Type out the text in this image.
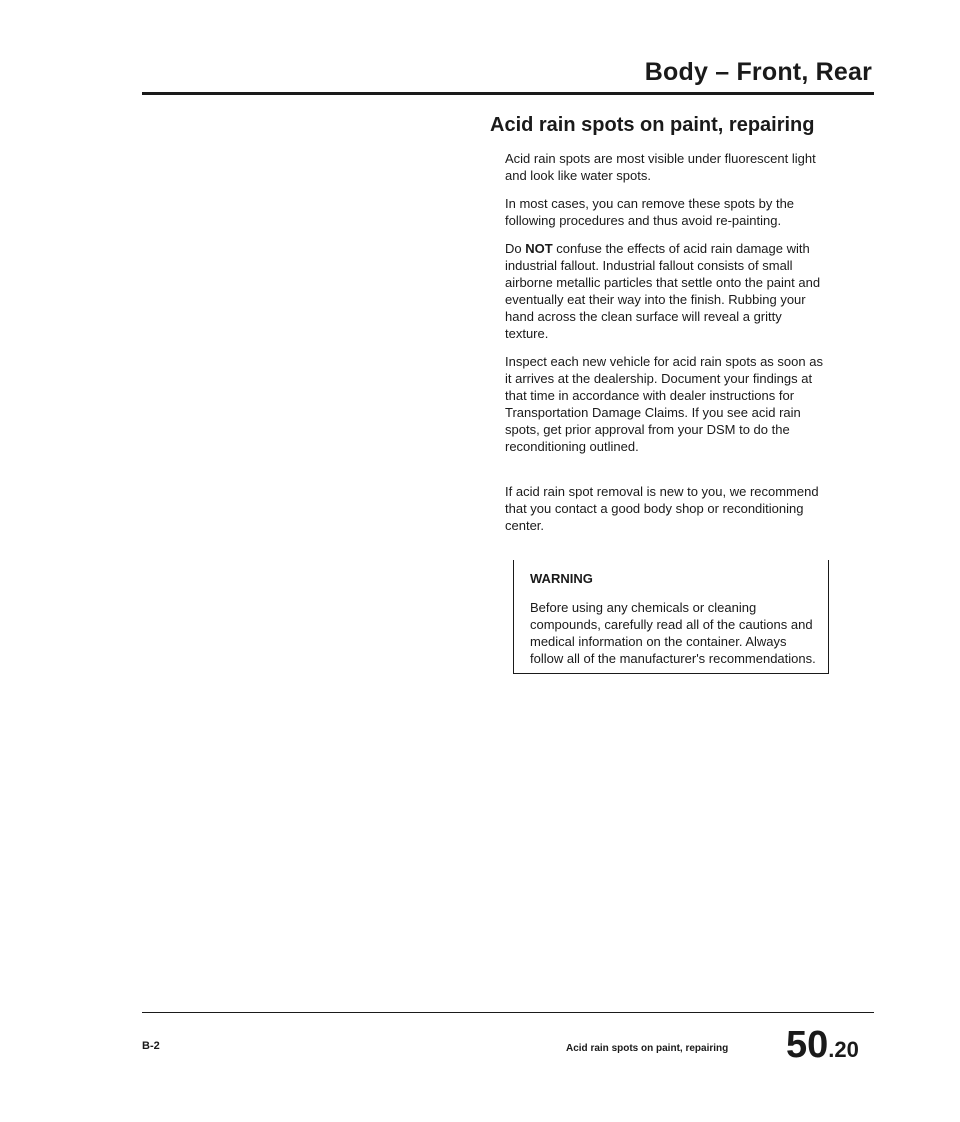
Body – Front, Rear
Acid rain spots on paint, repairing

Acid rain spots are most visible under fluorescent light and look like water spots.

In most cases, you can remove these spots by the following procedures and thus avoid re-painting.

Do NOT confuse the effects of acid rain damage with industrial fallout. Industrial fallout consists of small airborne metallic particles that settle onto the paint and eventually eat their way into the finish. Rubbing your hand across the clean surface will reveal a gritty texture.

Inspect each new vehicle for acid rain spots as soon as it arrives at the dealership. Document your findings at that time in accordance with dealer instructions for Transportation Damage Claims. If you see acid rain spots, get prior approval from your DSM to do the reconditioning outlined.

If acid rain spot removal is new to you, we recommend that you contact a good body shop or reconditioning center.

WARNING
Before using any chemicals or cleaning compounds, carefully read all of the cautions and medical information on the container. Always follow all of the manufacturer's recommendations.
B-2	Acid rain spots on paint, repairing 50.20
